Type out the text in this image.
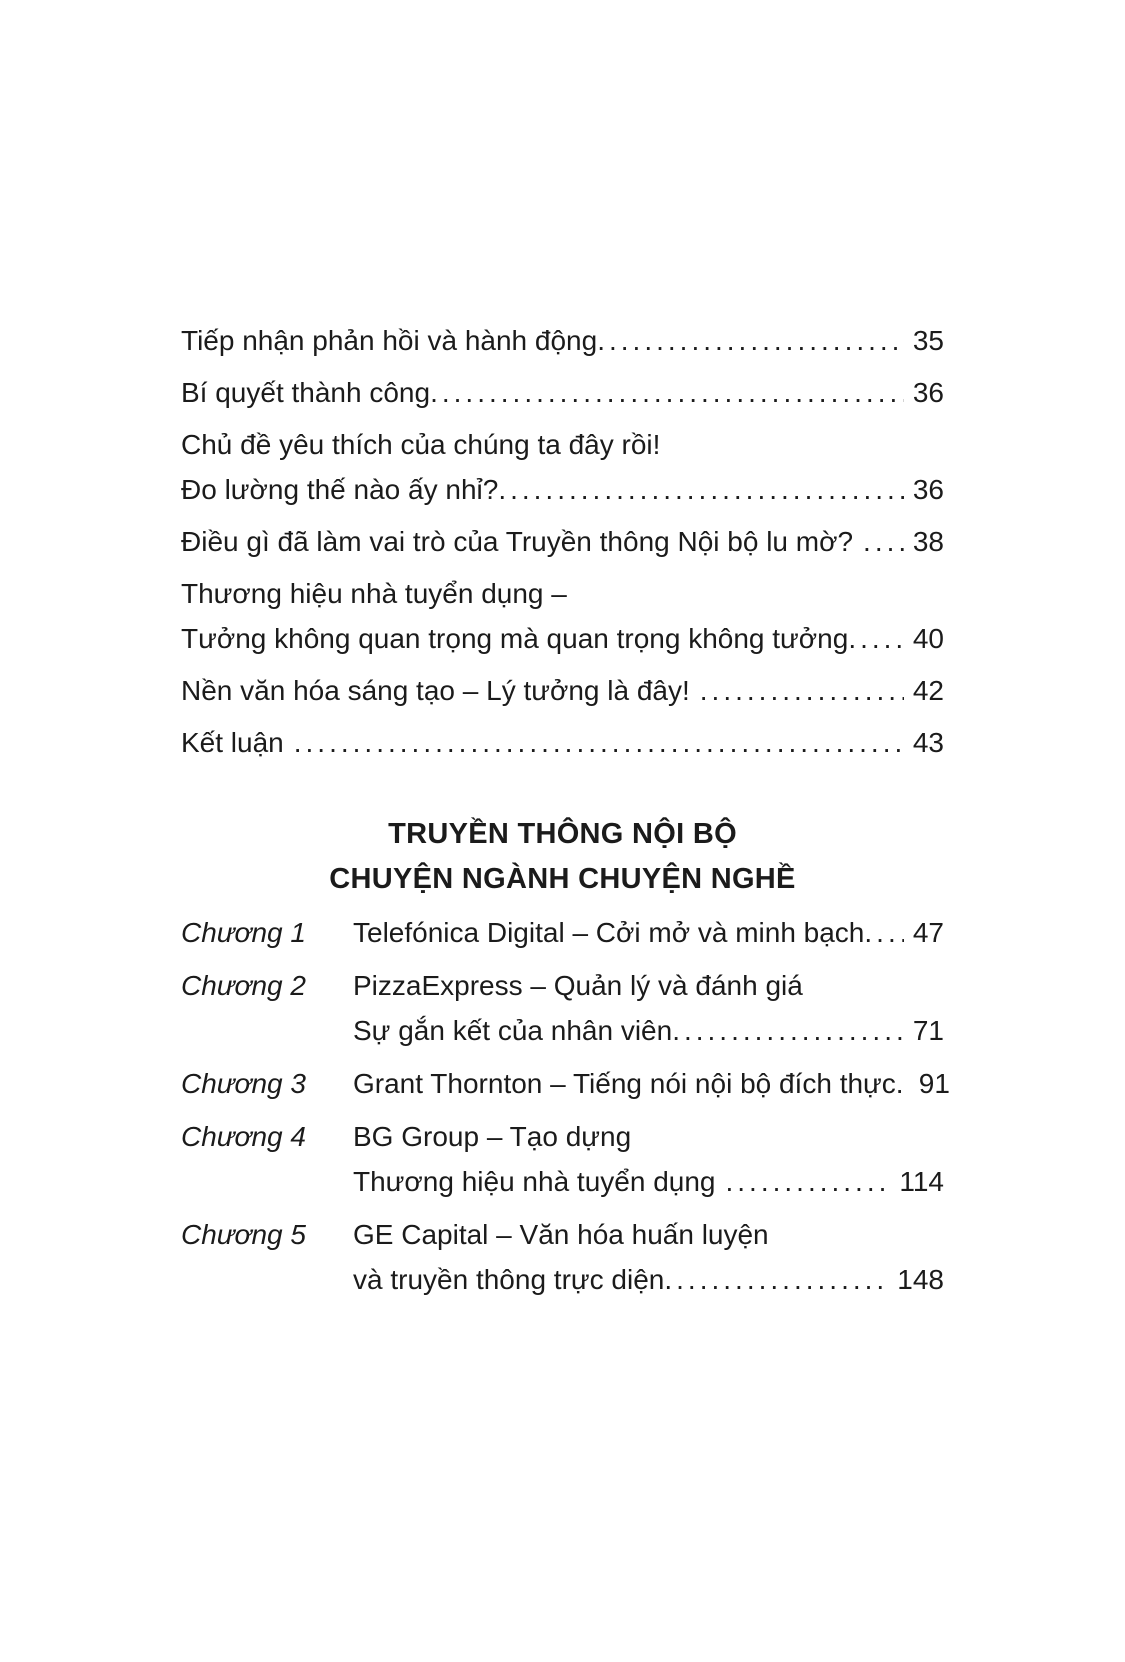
Tiếp nhận phản hồi và hành động .....	35
Bí quyết thành công .....	36
Chủ đề yêu thích của chúng ta đây rồi!
Đo lường thế nào ấy nhỉ? .....	36
Điều gì đã làm vai trò của Truyền thông Nội bộ lu mờ? ..... 38
Thương hiệu nhà tuyển dụng –
Tưởng không quan trọng mà quan trọng không tưởng ..... 40
Nền văn hóa sáng tạo – Lý tưởng là đây! .....	42
Kết luận .....	43
TRUYỀN THÔNG NỘI BỘ
CHUYỆN NGÀNH CHUYỆN NGHỀ
Chương 1	Telefónica Digital – Cởi mở và minh bạch ..... 47
Chương 2	PizzaExpress – Quản lý và đánh giá
Sự gắn kết của nhân viên .....	71
Chương 3	Grant Thornton – Tiếng nói nội bộ đích thực ..... 91
Chương 4	BG Group – Tạo dựng
Thương hiệu nhà tuyển dụng .....	114
Chương 5	GE Capital – Văn hóa huấn luyện
và truyền thông trực diện .....	148
